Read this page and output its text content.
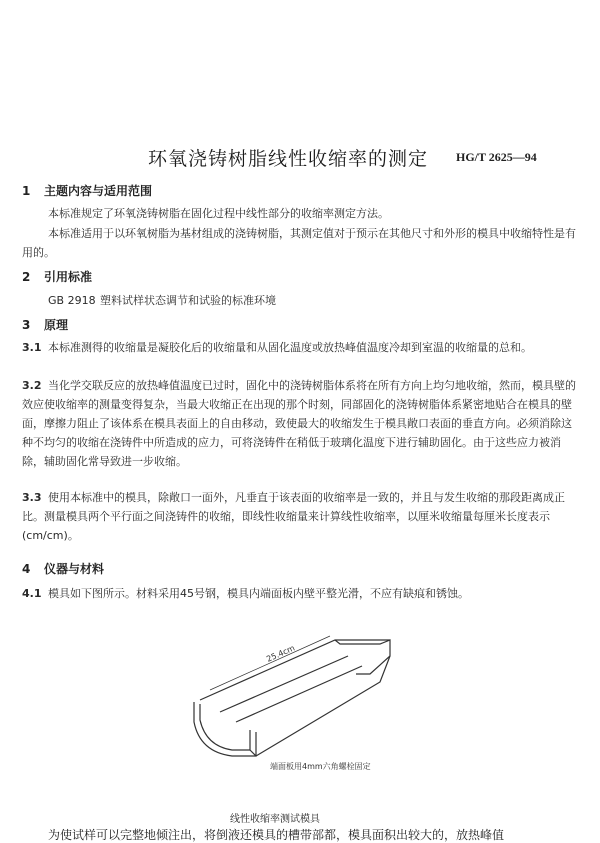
环氧浇铸树脂线性收缩率的测定 HG/T 2625—94
1 主题内容与适用范围
本标准规定了环氧浇铸树脂在固化过程中线性部分的收缩率测定方法。
本标准适用于以环氧树脂为基材组成的浇铸树脂，其测定值对于预示在其他尺寸和外形的模具中收缩特性是有用的。
2 引用标准
GB 2918 塑料试样状态调节和试验的标准环境
3 原理
3.1 本标准测得的收缩量是凝胶化后的收缩量和从固化温度或放热峰值温度冷却到室温的收缩量的总和。
3.2 当化学交联反应的放热峰值温度已过时，固化中的浇铸树脂体系将在所有方向上均匀地收缩，然而，模具壁的效应使收缩率的测量变得复杂，当最大收缩正在出现的那个时刻，同部固化的浇铸树脂体系紧密地贴合在模具的壁面，摩擦力阻止了该体系在模具表面上的自由移动，致使最大的收缩发生于模具敞口表面的垂直方向。必须消除这种不均匀的收缩在浇铸件中所造成的应力，可将浇铸件在稍低于玻璃化温度下进行辅助固化。由于这些应力被消除，辅助固化常导致进一步收缩。
3.3 使用本标准中的模具，除敞口一面外，凡垂直于该表面的收缩率是一致的，并且与发生收缩的那段距离成正比。测量模具两个平行面之间浇铸件的收缩，即线性收缩量来计算线性收缩率，以厘米收缩量每厘米长度表示(cm/cm)。
4 仪器与材料
4.1 模具如下图所示。材料采用45号钢，模具内端面板内壁平整光滑，不应有缺痕和锈蚀。
25.4cm
端面板用4mm六角螺栓固定
线性收缩率测试模具
为使试样可以完整地倾注出，将倒液还模具的槽带部都，模具面积出较大的，放热峰值
